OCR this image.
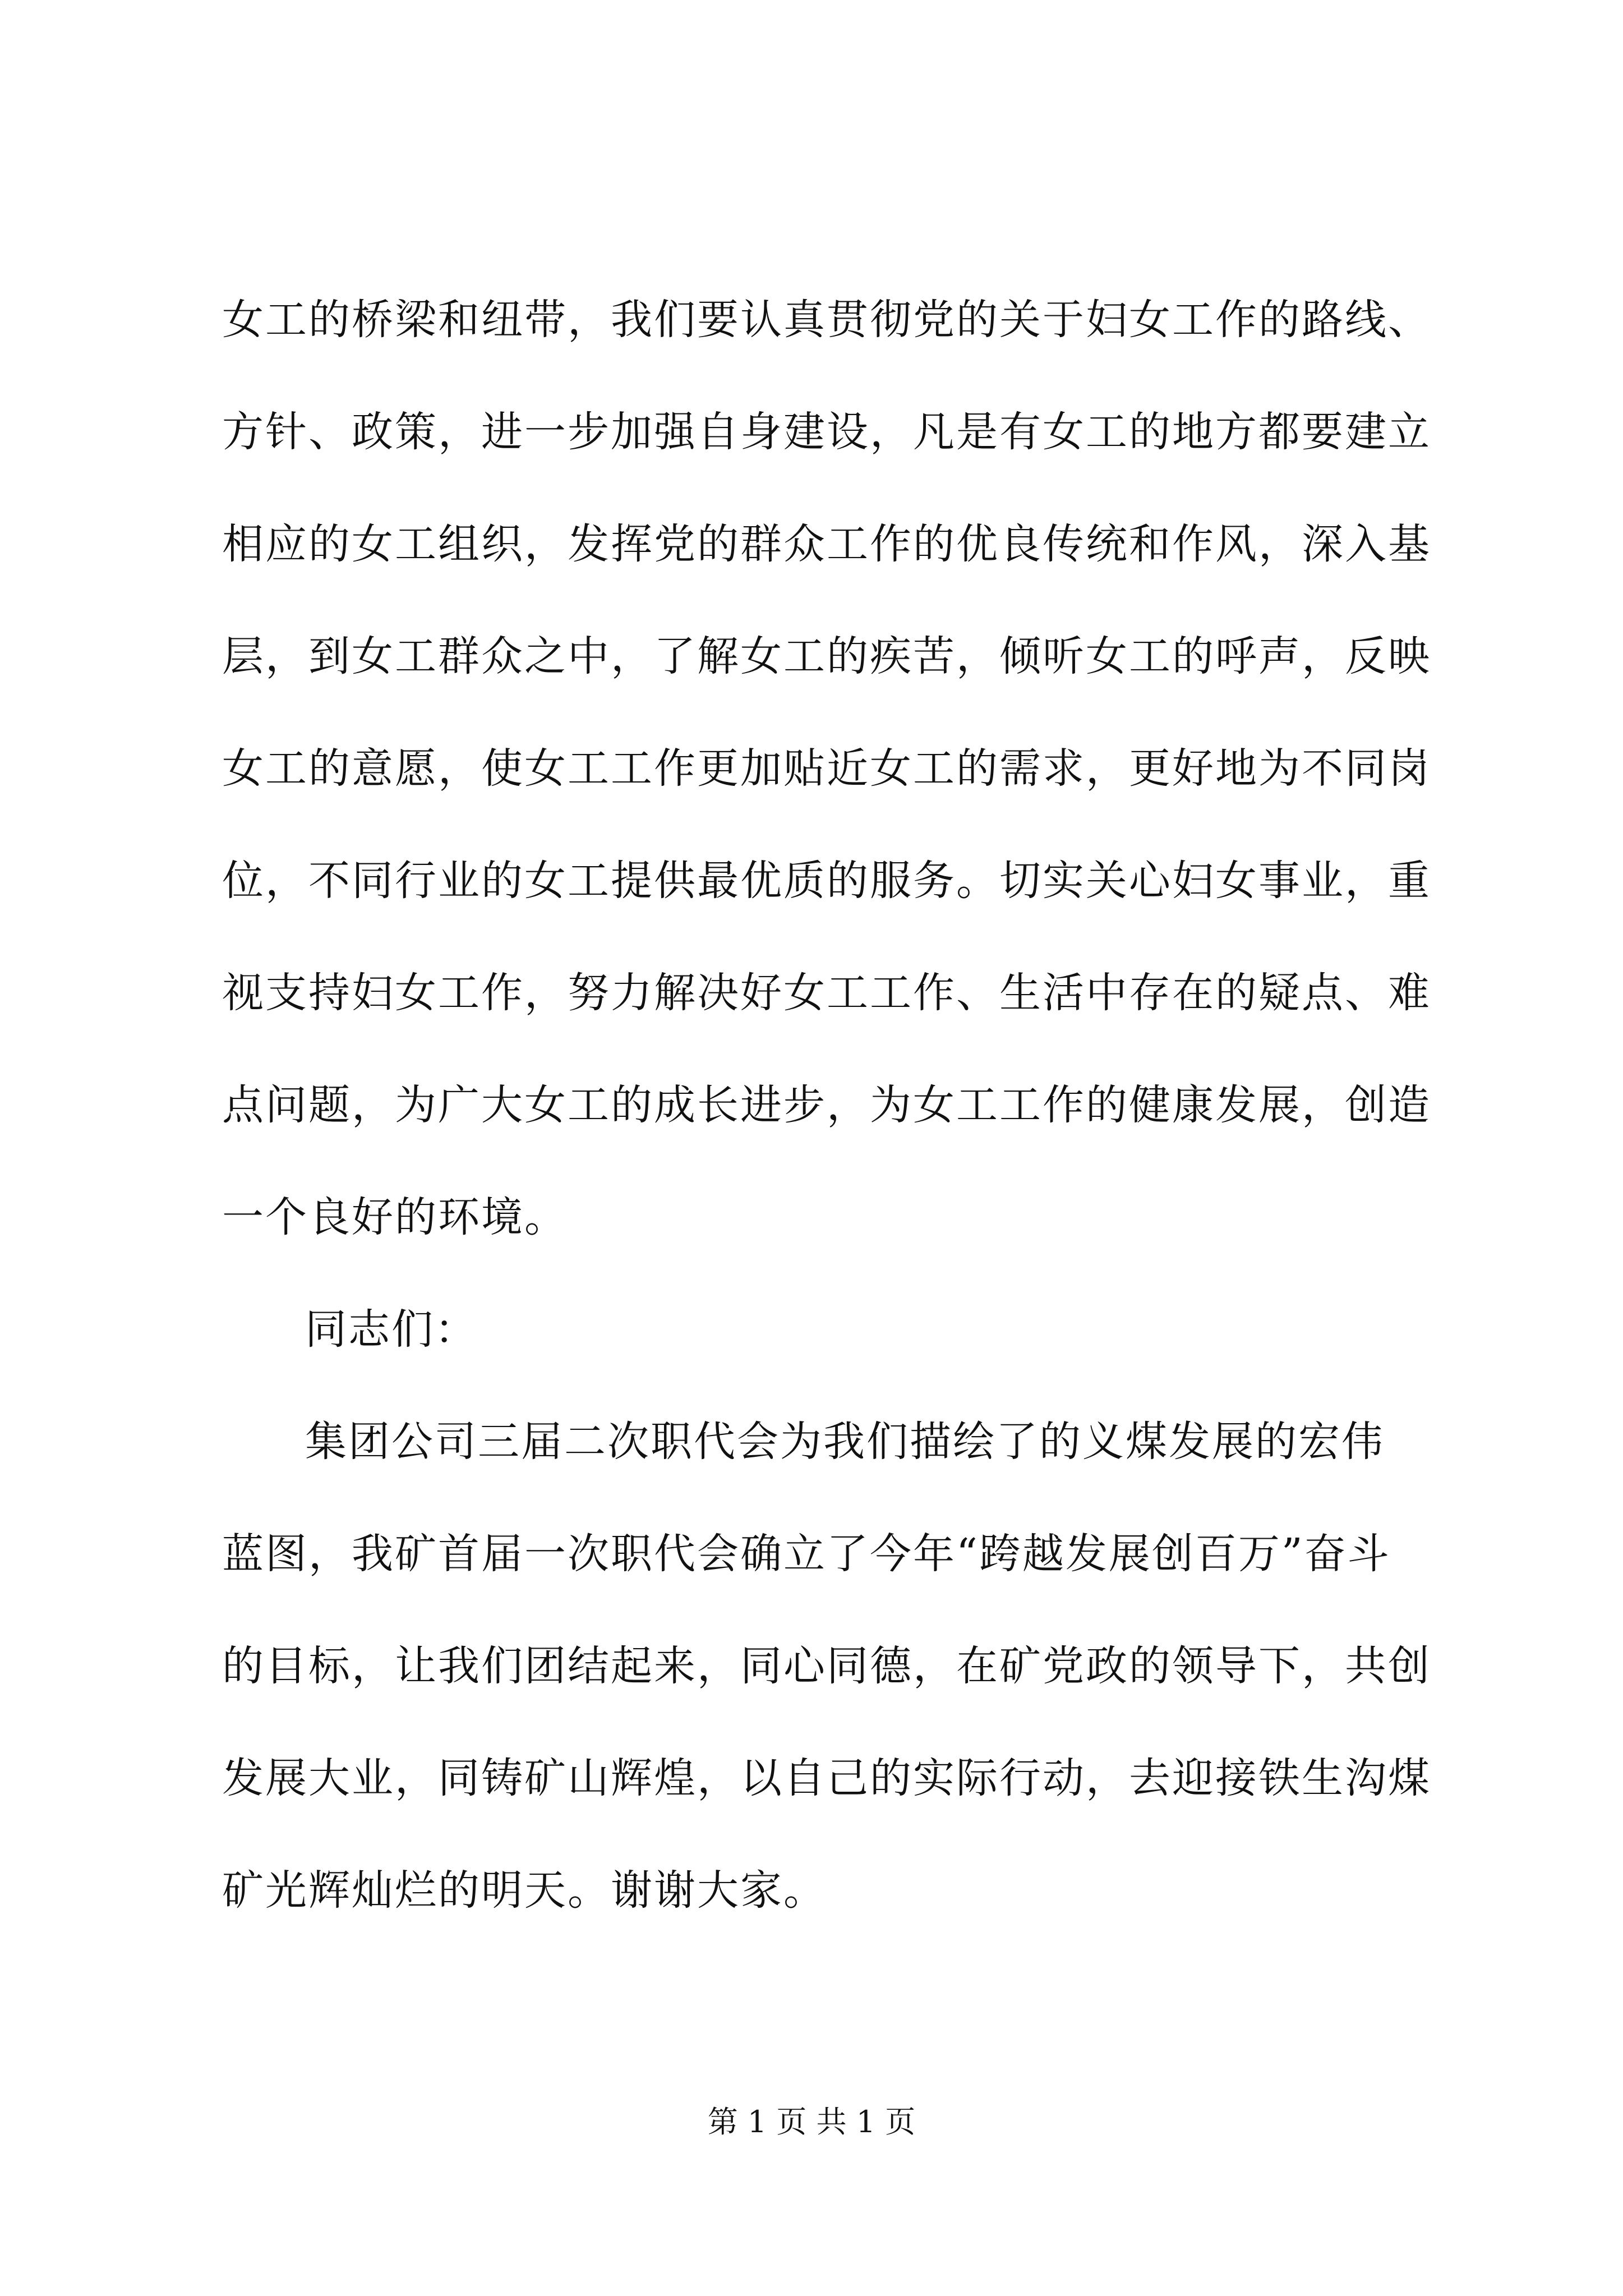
女工的桥梁和纽带，我们要认真贯彻党的关于妇女工作的路线、
方针、政策，进一步加强自身建设，凡是有女工的地方都要建立
相应的女工组织，发挥党的群众工作的优良传统和作风，深入基
层，到女工群众之中，了解女工的疾苦，倾听女工的呼声，反映
女工的意愿，使女工工作更加贴近女工的需求，更好地为不同岗
位，不同行业的女工提供最优质的服务。切实关心妇女事业，重
视支持妇女工作，努力解决好女工工作、生活中存在的疑点、难
点问题，为广大女工的成长进步，为女工工作的健康发展，创造
一个良好的环境。
同志们：
集团公司三届二次职代会为我们描绘了的义煤发展的宏伟
蓝图，我矿首届一次职代会确立了今年“跨越发展创百万”奋斗
的目标，让我们团结起来，同心同德，在矿党政的领导下，共创
发展大业，同铸矿山辉煌，以自己的实际行动，去迎接铁生沟煤
矿光辉灿烂的明天。谢谢大家。
第 1 页 共 1 页
